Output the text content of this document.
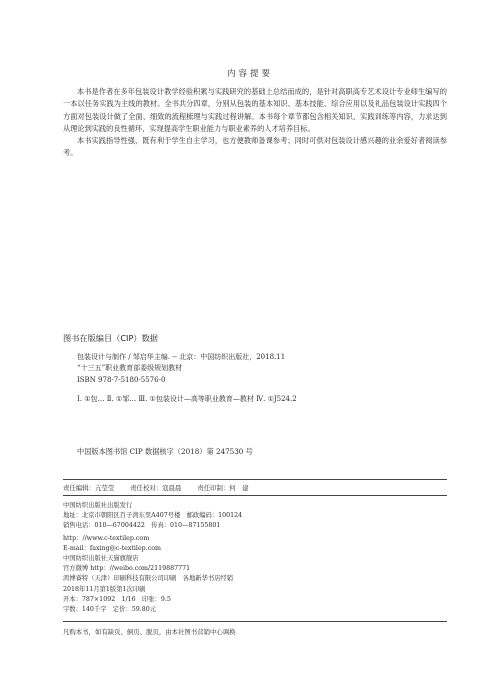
内容提要

本书是作者在多年包装设计教学经验积累与实践研究的基础上总结而成的，是针对高职高专艺术设计专业师生编写的一本以任务实践为主线的教材。全书共分四章，分别从包装的基本知识、基本技能、综合应用以及礼品包装设计实践四个方面对包装设计做了全面、细致的流程梳理与实践过程讲解。本书每个章节都包含相关知识、实践训练等内容，力求达到从理论到实践的良性循环，实现提高学生职业能力与职业素养的人才培养目标。

本书实践指导性强，既有利于学生自主学习，也方便教师备课参考；同时可供对包装设计感兴趣的业余爱好者阅读参考。

图书在版编目（CIP）数据

包装设计与制作 / 邹启华主编. -- 北京：中国纺织出版社，2018.11

“十三五”职业教育部委级规划教材

ISBN 978-7-5180-5576-0

Ⅰ. ①包… Ⅱ. ①邹… Ⅲ. ①包装设计—高等职业教育—教材 Ⅳ. ①J524.2

中国版本图书馆 CIP 数据核字（2018）第 247530 号
责任编辑：亢莹莹	责任校对：寇晨晨	责任印制：何　建
中国纺织出版社出版发行
地址：北京市朝阳区百子湾东里A407号楼　邮政编码：100124
销售电话：010—67004422　传真：010—87155801
http：//www.c-textilep.com
E-mail：faxing@c-textilep.com
中国纺织出版社天猫旗舰店
官方微博 http：//weibo.com/2119887771
鸿博睿特（天津）印刷科技有限公司印刷　各地新华书店经销
2018年11月第1版第1次印刷
开本：787×1092　1/16　印张：9.5
字数：140千字　定价：59.80元
凡购本书，如有缺页、倒页、脱页，由本社图书营销中心调换
